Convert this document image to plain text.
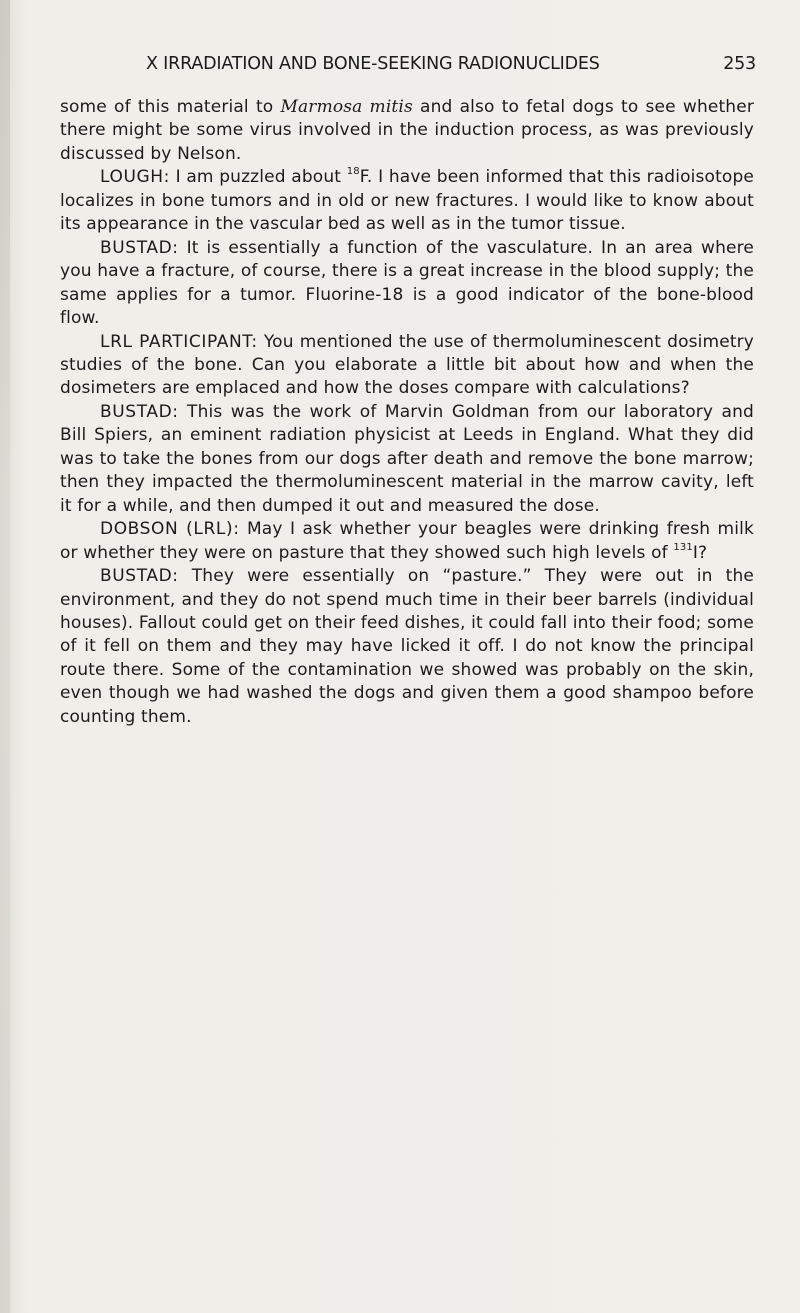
X IRRADIATION AND BONE-SEEKING RADIONUCLIDES	253

some of this material to Marmosa mitis and also to fetal dogs to see whether there might be some virus involved in the induction process, as was previously discussed by Nelson.

LOUGH: I am puzzled about $^{18}$F. I have been informed that this radioisotope localizes in bone tumors and in old or new fractures. I would like to know about its appearance in the vascular bed as well as in the tumor tissue.

BUSTAD: It is essentially a function of the vasculature. In an area where you have a fracture, of course, there is a great increase in the blood supply; the same applies for a tumor. Fluorine-18 is a good indicator of the bone-blood flow.

LRL PARTICIPANT: You mentioned the use of thermoluminescent dosimetry studies of the bone. Can you elaborate a little bit about how and when the dosimeters are emplaced and how the doses compare with calculations?

BUSTAD: This was the work of Marvin Goldman from our laboratory and Bill Spiers, an eminent radiation physicist at Leeds in England. What they did was to take the bones from our dogs after death and remove the bone marrow; then they impacted the thermoluminescent material in the marrow cavity, left it for a while, and then dumped it out and measured the dose.

DOBSON (LRL): May I ask whether your beagles were drinking fresh milk or whether they were on pasture that they showed such high levels of $^{131}$I?

BUSTAD: They were essentially on “pasture.” They were out in the environment, and they do not spend much time in their beer barrels (individual houses). Fallout could get on their feed dishes, it could fall into their food; some of it fell on them and they may have licked it off. I do not know the principal route there. Some of the contamination we showed was probably on the skin, even though we had washed the dogs and given them a good shampoo before counting them.
